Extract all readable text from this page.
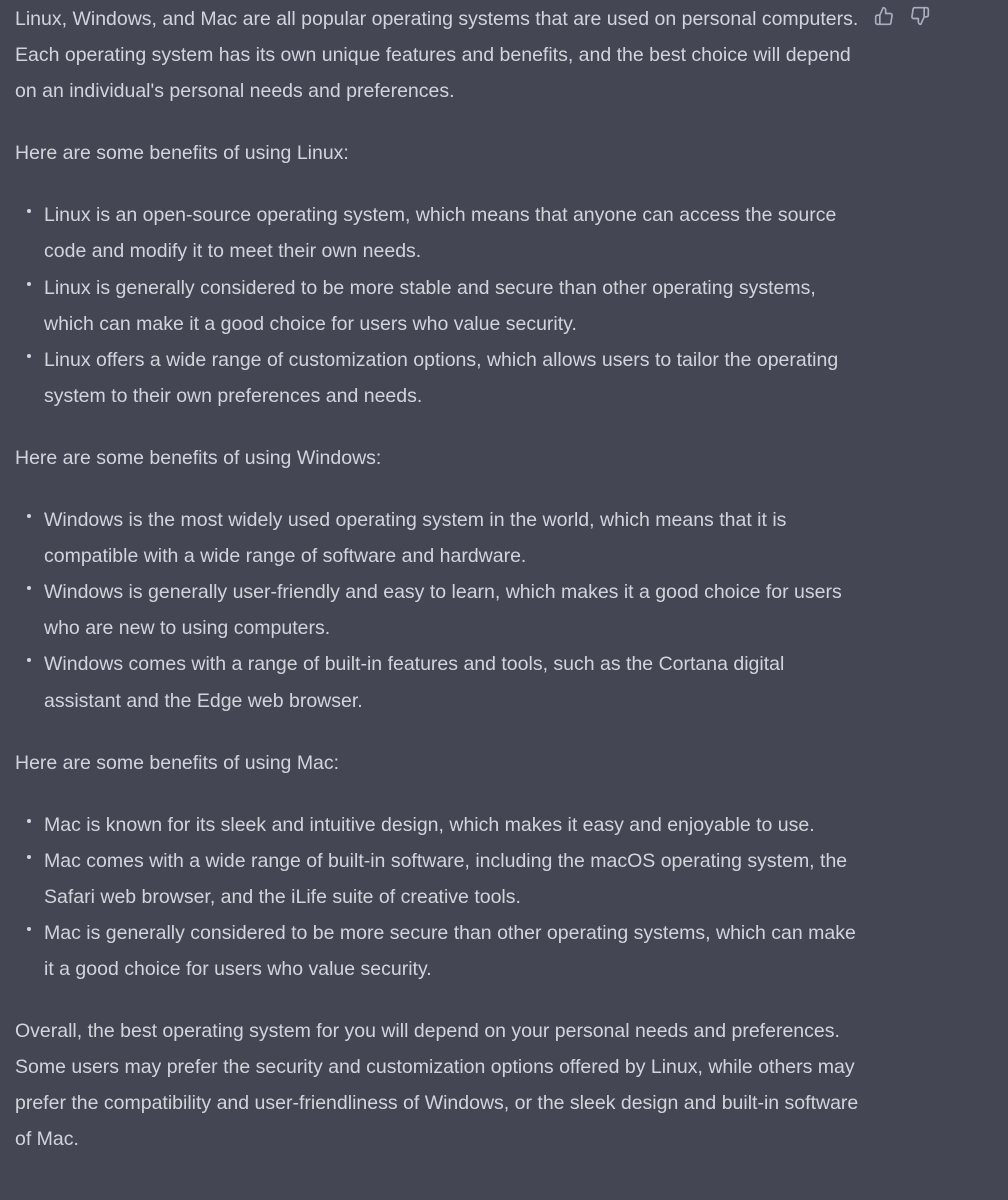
Linux, Windows, and Mac are all popular operating systems that are used on personal computers. Each operating system has its own unique features and benefits, and the best choice will depend on an individual's personal needs and preferences.

Here are some benefits of using Linux:

Linux is an open-source operating system, which means that anyone can access the source code and modify it to meet their own needs.
Linux is generally considered to be more stable and secure than other operating systems, which can make it a good choice for users who value security.
Linux offers a wide range of customization options, which allows users to tailor the operating system to their own preferences and needs.

Here are some benefits of using Windows:

Windows is the most widely used operating system in the world, which means that it is compatible with a wide range of software and hardware.
Windows is generally user-friendly and easy to learn, which makes it a good choice for users who are new to using computers.
Windows comes with a range of built-in features and tools, such as the Cortana digital assistant and the Edge web browser.

Here are some benefits of using Mac:

Mac is known for its sleek and intuitive design, which makes it easy and enjoyable to use.
Mac comes with a wide range of built-in software, including the macOS operating system, the Safari web browser, and the iLife suite of creative tools.
Mac is generally considered to be more secure than other operating systems, which can make it a good choice for users who value security.

Overall, the best operating system for you will depend on your personal needs and preferences. Some users may prefer the security and customization options offered by Linux, while others may prefer the compatibility and user-friendliness of Windows, or the sleek design and built-in software of Mac.
